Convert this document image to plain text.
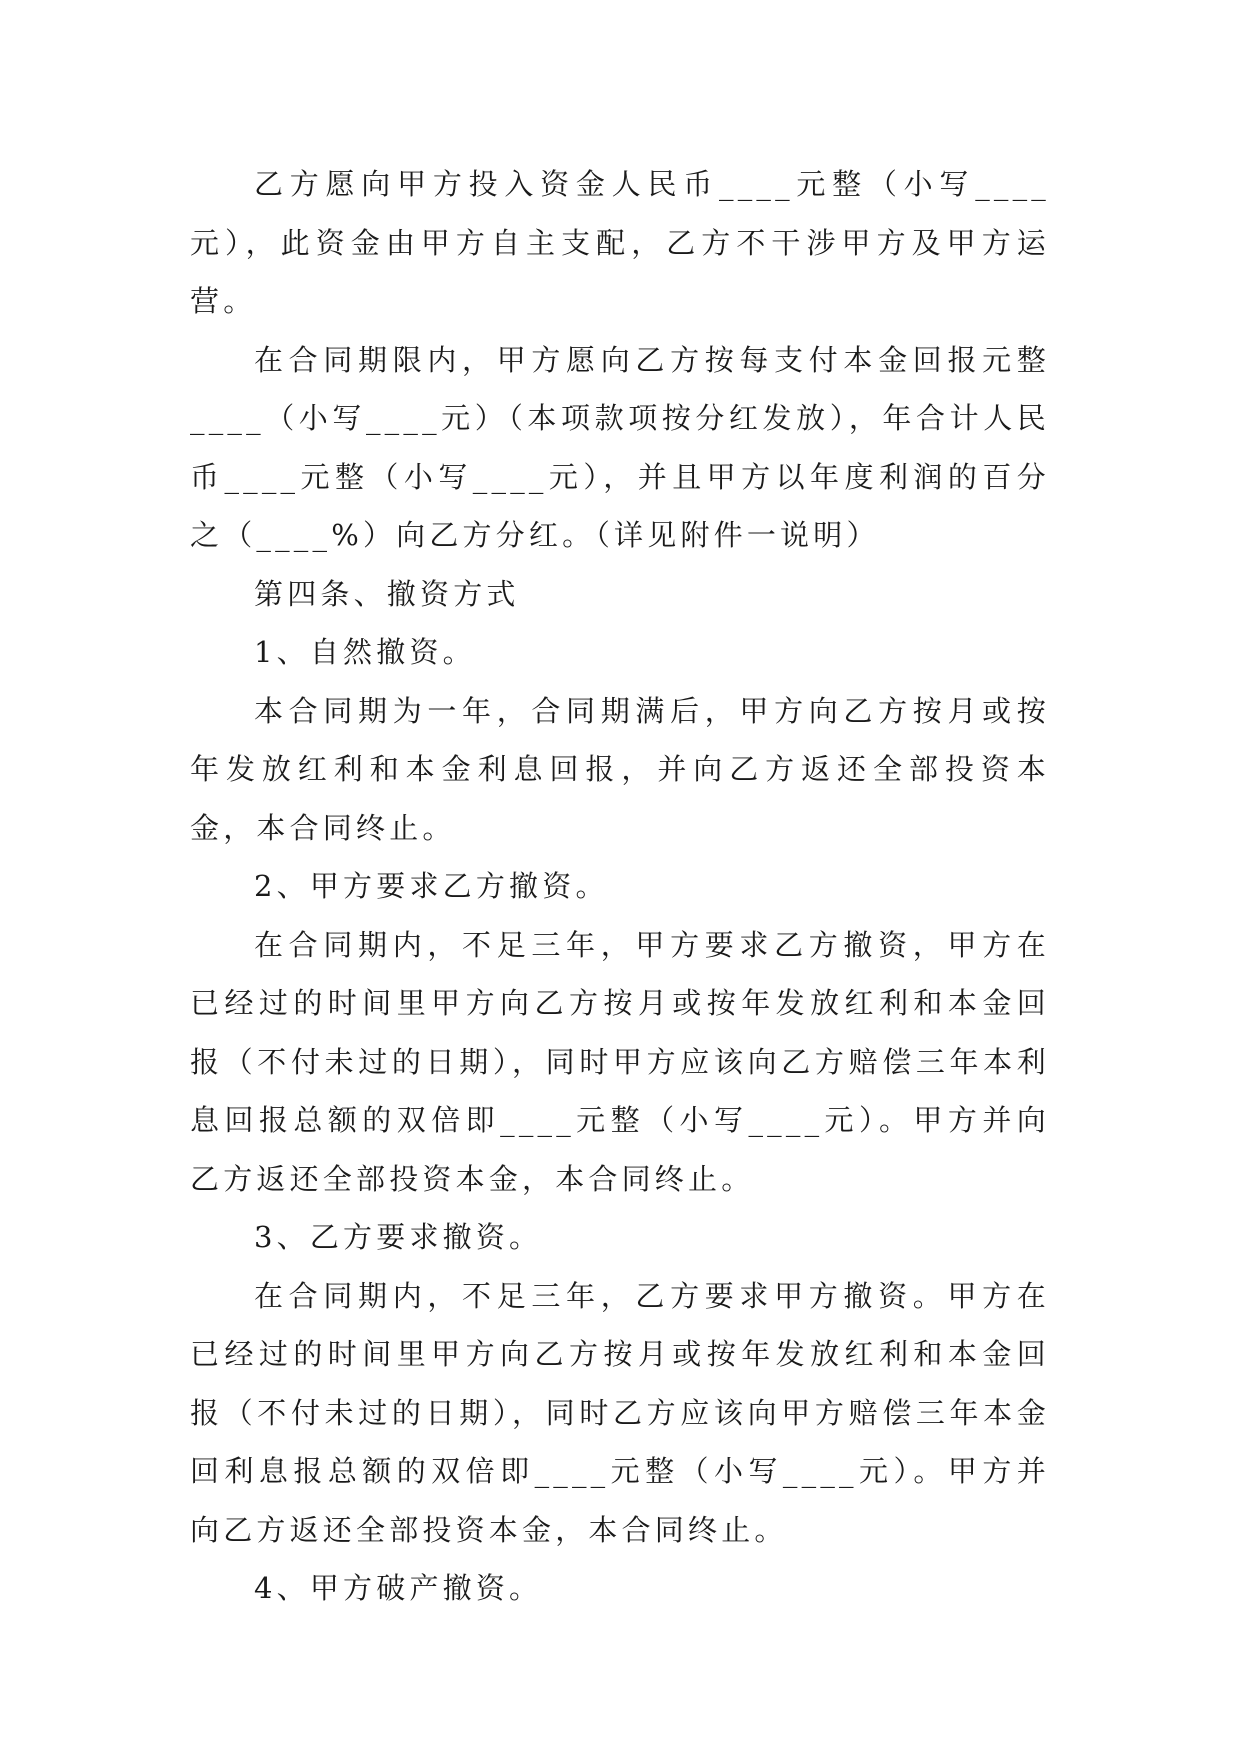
乙方愿向甲方投入资金人民币____元整（小写____元），此资金由甲方自主支配，乙方不干涉甲方及甲方运营。

在合同期限内，甲方愿向乙方按每支付本金回报元整____（小写____元）（本项款项按分红发放），年合计人民币____元整（小写____元），并且甲方以年度利润的百分之（____%）向乙方分红。（详见附件一说明）

第四条、撤资方式

1、自然撤资。

本合同期为一年，合同期满后，甲方向乙方按月或按年发放红利和本金利息回报，并向乙方返还全部投资本金，本合同终止。

2、甲方要求乙方撤资。

在合同期内，不足三年，甲方要求乙方撤资，甲方在已经过的时间里甲方向乙方按月或按年发放红利和本金回报（不付未过的日期），同时甲方应该向乙方赔偿三年本利息回报总额的双倍即____元整（小写____元）。甲方并向乙方返还全部投资本金，本合同终止。

3、乙方要求撤资。

在合同期内，不足三年，乙方要求甲方撤资。甲方在已经过的时间里甲方向乙方按月或按年发放红利和本金回报（不付未过的日期），同时乙方应该向甲方赔偿三年本金回利息报总额的双倍即____元整（小写____元）。甲方并向乙方返还全部投资本金，本合同终止。

4、甲方破产撤资。
